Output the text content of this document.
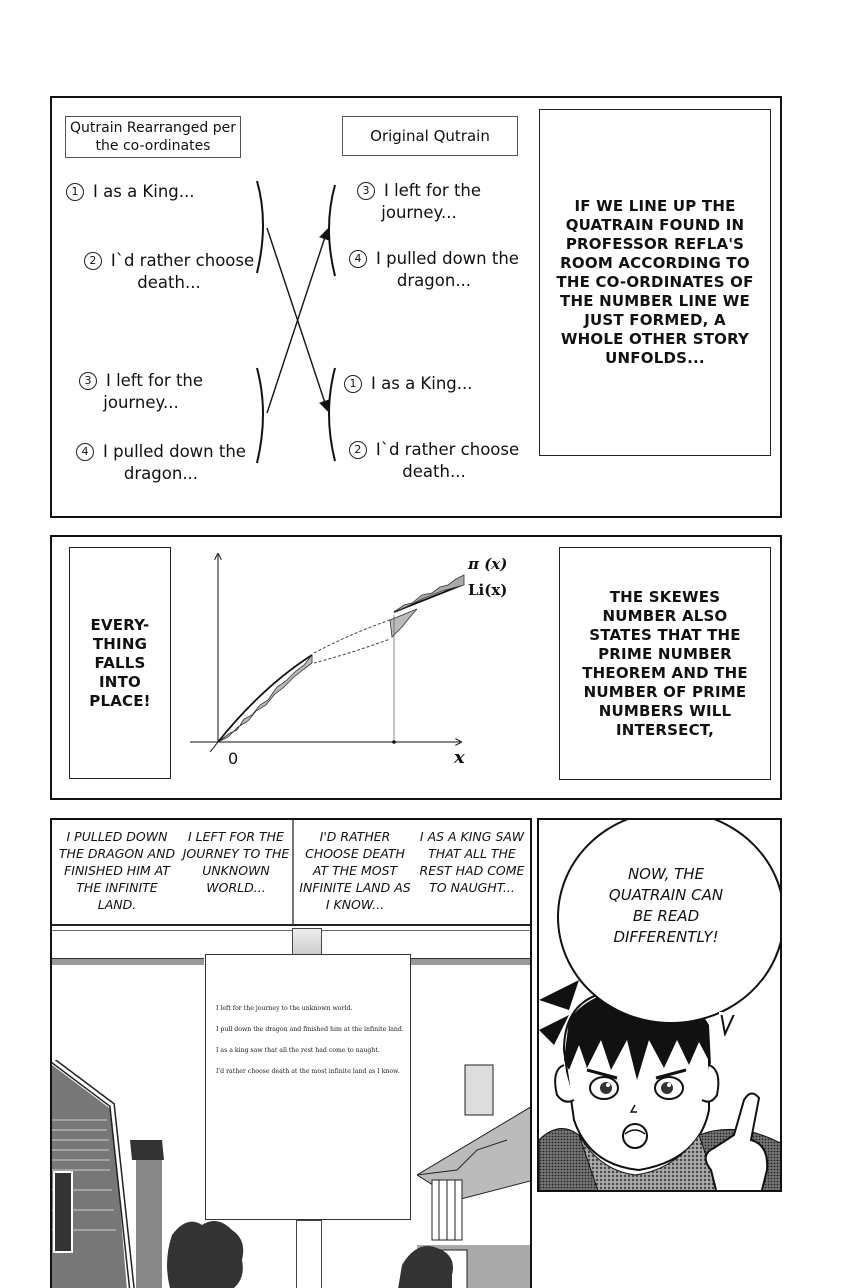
Qutrain Rearranged per the co-ordinates
Original Qutrain
1 I as a King...
2 I`d rather choose death...
3 I left for the journey...
4 I pulled down the dragon...
3 I left for the journey...
4 I pulled down the dragon...
1 I as a King...
2 I`d rather choose death...
IF WE LINE UP THE QUATRAIN FOUND IN PROFESSOR REFLA'S ROOM ACCORDING TO THE CO-ORDINATES OF THE NUMBER LINE WE JUST FORMED, A WHOLE OTHER STORY UNFOLDS...
EVERY- THING FALLS INTO PLACE!
0	x
π (x)
Li(x)	THE SKEWES NUMBER ALSO STATES THAT THE PRIME NUMBER THEOREM AND THE NUMBER OF PRIME NUMBERS WILL INTERSECT,
I PULLED DOWN THE DRAGON AND FINISHED HIM AT THE INFINITE LAND.
I LEFT FOR THE JOURNEY TO THE UNKNOWN WORLD...
I'D RATHER CHOOSE DEATH AT THE MOST INFINITE LAND AS I KNOW...
I AS A KING SAW THAT ALL THE REST HAD COME TO NAUGHT...
I left for the journey to the unknown world.
I pull down the dragon and finished him at the infinite land.
I as a king saw that all the rest had come to naught.
I'd rather choose death at the most infinite land as I know.
NOW, THE QUATRAIN CAN BE READ DIFFERENTLY!
